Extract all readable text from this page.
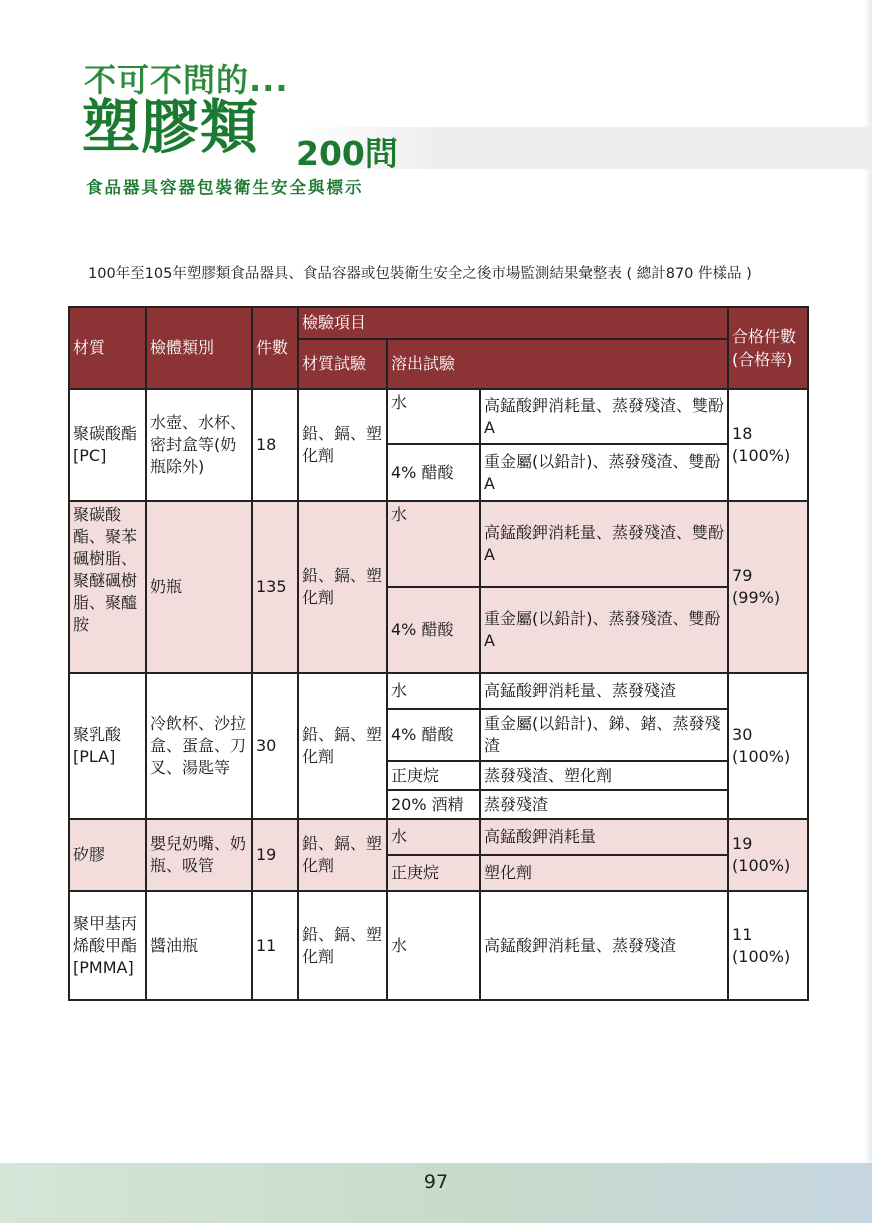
不可不問的...
塑膠類 200問
食品器具容器包裝衛生安全與標示
100年至105年塑膠類食品器具、食品容器或包裝衛生安全之後市場監測結果彙整表 ( 總計870 件樣品 )
材質	檢體類別	件數	檢驗項目			合格件數(合格率)
			材質試驗	溶出試驗		
聚碳酸酯 [PC]	水壺、水杯、密封盒等(奶瓶除外)	18	鉛、鎘、塑化劑	水	高錳酸鉀消耗量、蒸發殘渣、雙酚A	18 (100%)
				4% 醋酸	重金屬(以鉛計)、蒸發殘渣、雙酚A	
聚碳酸酯、聚苯碸樹脂、聚醚碸樹脂、聚醯胺	奶瓶	135	鉛、鎘、塑化劑	水	高錳酸鉀消耗量、蒸發殘渣、雙酚A	79 (99%)
				4% 醋酸	重金屬(以鉛計)、蒸發殘渣、雙酚A	
聚乳酸 [PLA]	冷飲杯、沙拉盒、蛋盒、刀叉、湯匙等	30	鉛、鎘、塑化劑	水	高錳酸鉀消耗量、蒸發殘渣	30 (100%)
				4% 醋酸	重金屬(以鉛計)、銻、鍺、蒸發殘渣	
				正庚烷	蒸發殘渣、塑化劑	
				20% 酒精	蒸發殘渣	
矽膠	嬰兒奶嘴、奶瓶、吸管	19	鉛、鎘、塑化劑	水	高錳酸鉀消耗量	19 (100%)
				正庚烷	塑化劑	
聚甲基丙烯酸甲酯[PMMA]	醬油瓶	11	鉛、鎘、塑化劑	水	高錳酸鉀消耗量、蒸發殘渣	11 (100%)
97
